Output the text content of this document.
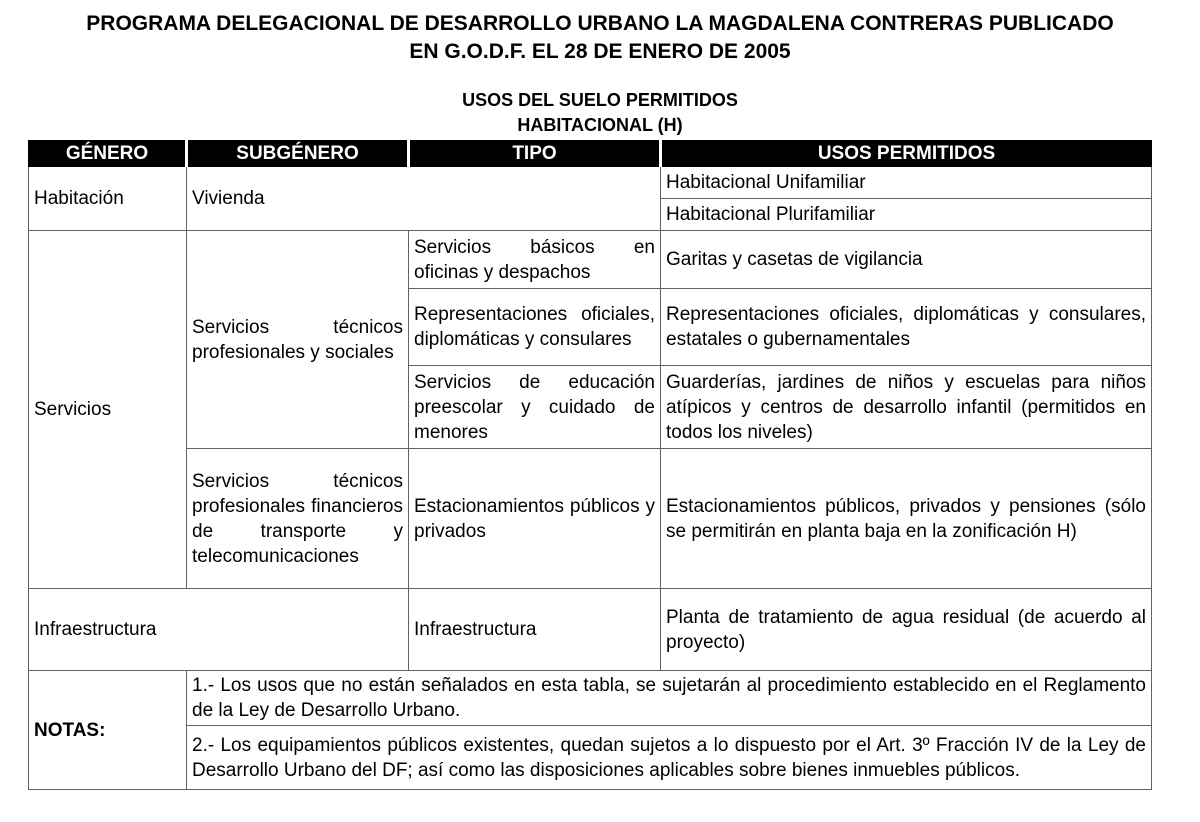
PROGRAMA DELEGACIONAL DE DESARROLLO URBANO LA MAGDALENA CONTRERAS PUBLICADO
EN G.O.D.F. EL 28 DE ENERO DE 2005
USOS DEL SUELO PERMITIDOS
HABITACIONAL (H)
GÉNERO	SUBGÉNERO	TIPO	USOS PERMITIDOS
Habitación	Vivienda		Habitacional Unifamiliar
			Habitacional Plurifamiliar
Servicios	Servicios técnicos profesionales y sociales	Servicios básicos en oficinas y despachos	Garitas y casetas de vigilancia
		Representaciones oficiales, diplomáticas y consulares	Representaciones oficiales, diplomáticas y consulares, estatales o gubernamentales
		Servicios de educación preescolar y cuidado de menores	Guarderías, jardines de niños y escuelas para niños atípicos y centros de desarrollo infantil (permitidos en todos los niveles)
	Servicios técnicos profesionales financieros de transporte y telecomunicaciones	Estacionamientos públicos y privados	Estacionamientos públicos, privados y pensiones (sólo se permitirán en planta baja en la zonificación H)
Infraestructura		Infraestructura	Planta de tratamiento de agua residual (de acuerdo al proyecto)
NOTAS:	1.- Los usos que no están señalados en esta tabla, se sujetarán al procedimiento establecido en el Reglamento de la Ley de Desarrollo Urbano.		
	2.- Los equipamientos públicos existentes, quedan sujetos a lo dispuesto por el Art. 3º Fracción IV de la Ley de Desarrollo Urbano del DF; así como las disposiciones aplicables sobre bienes inmuebles públicos.		
